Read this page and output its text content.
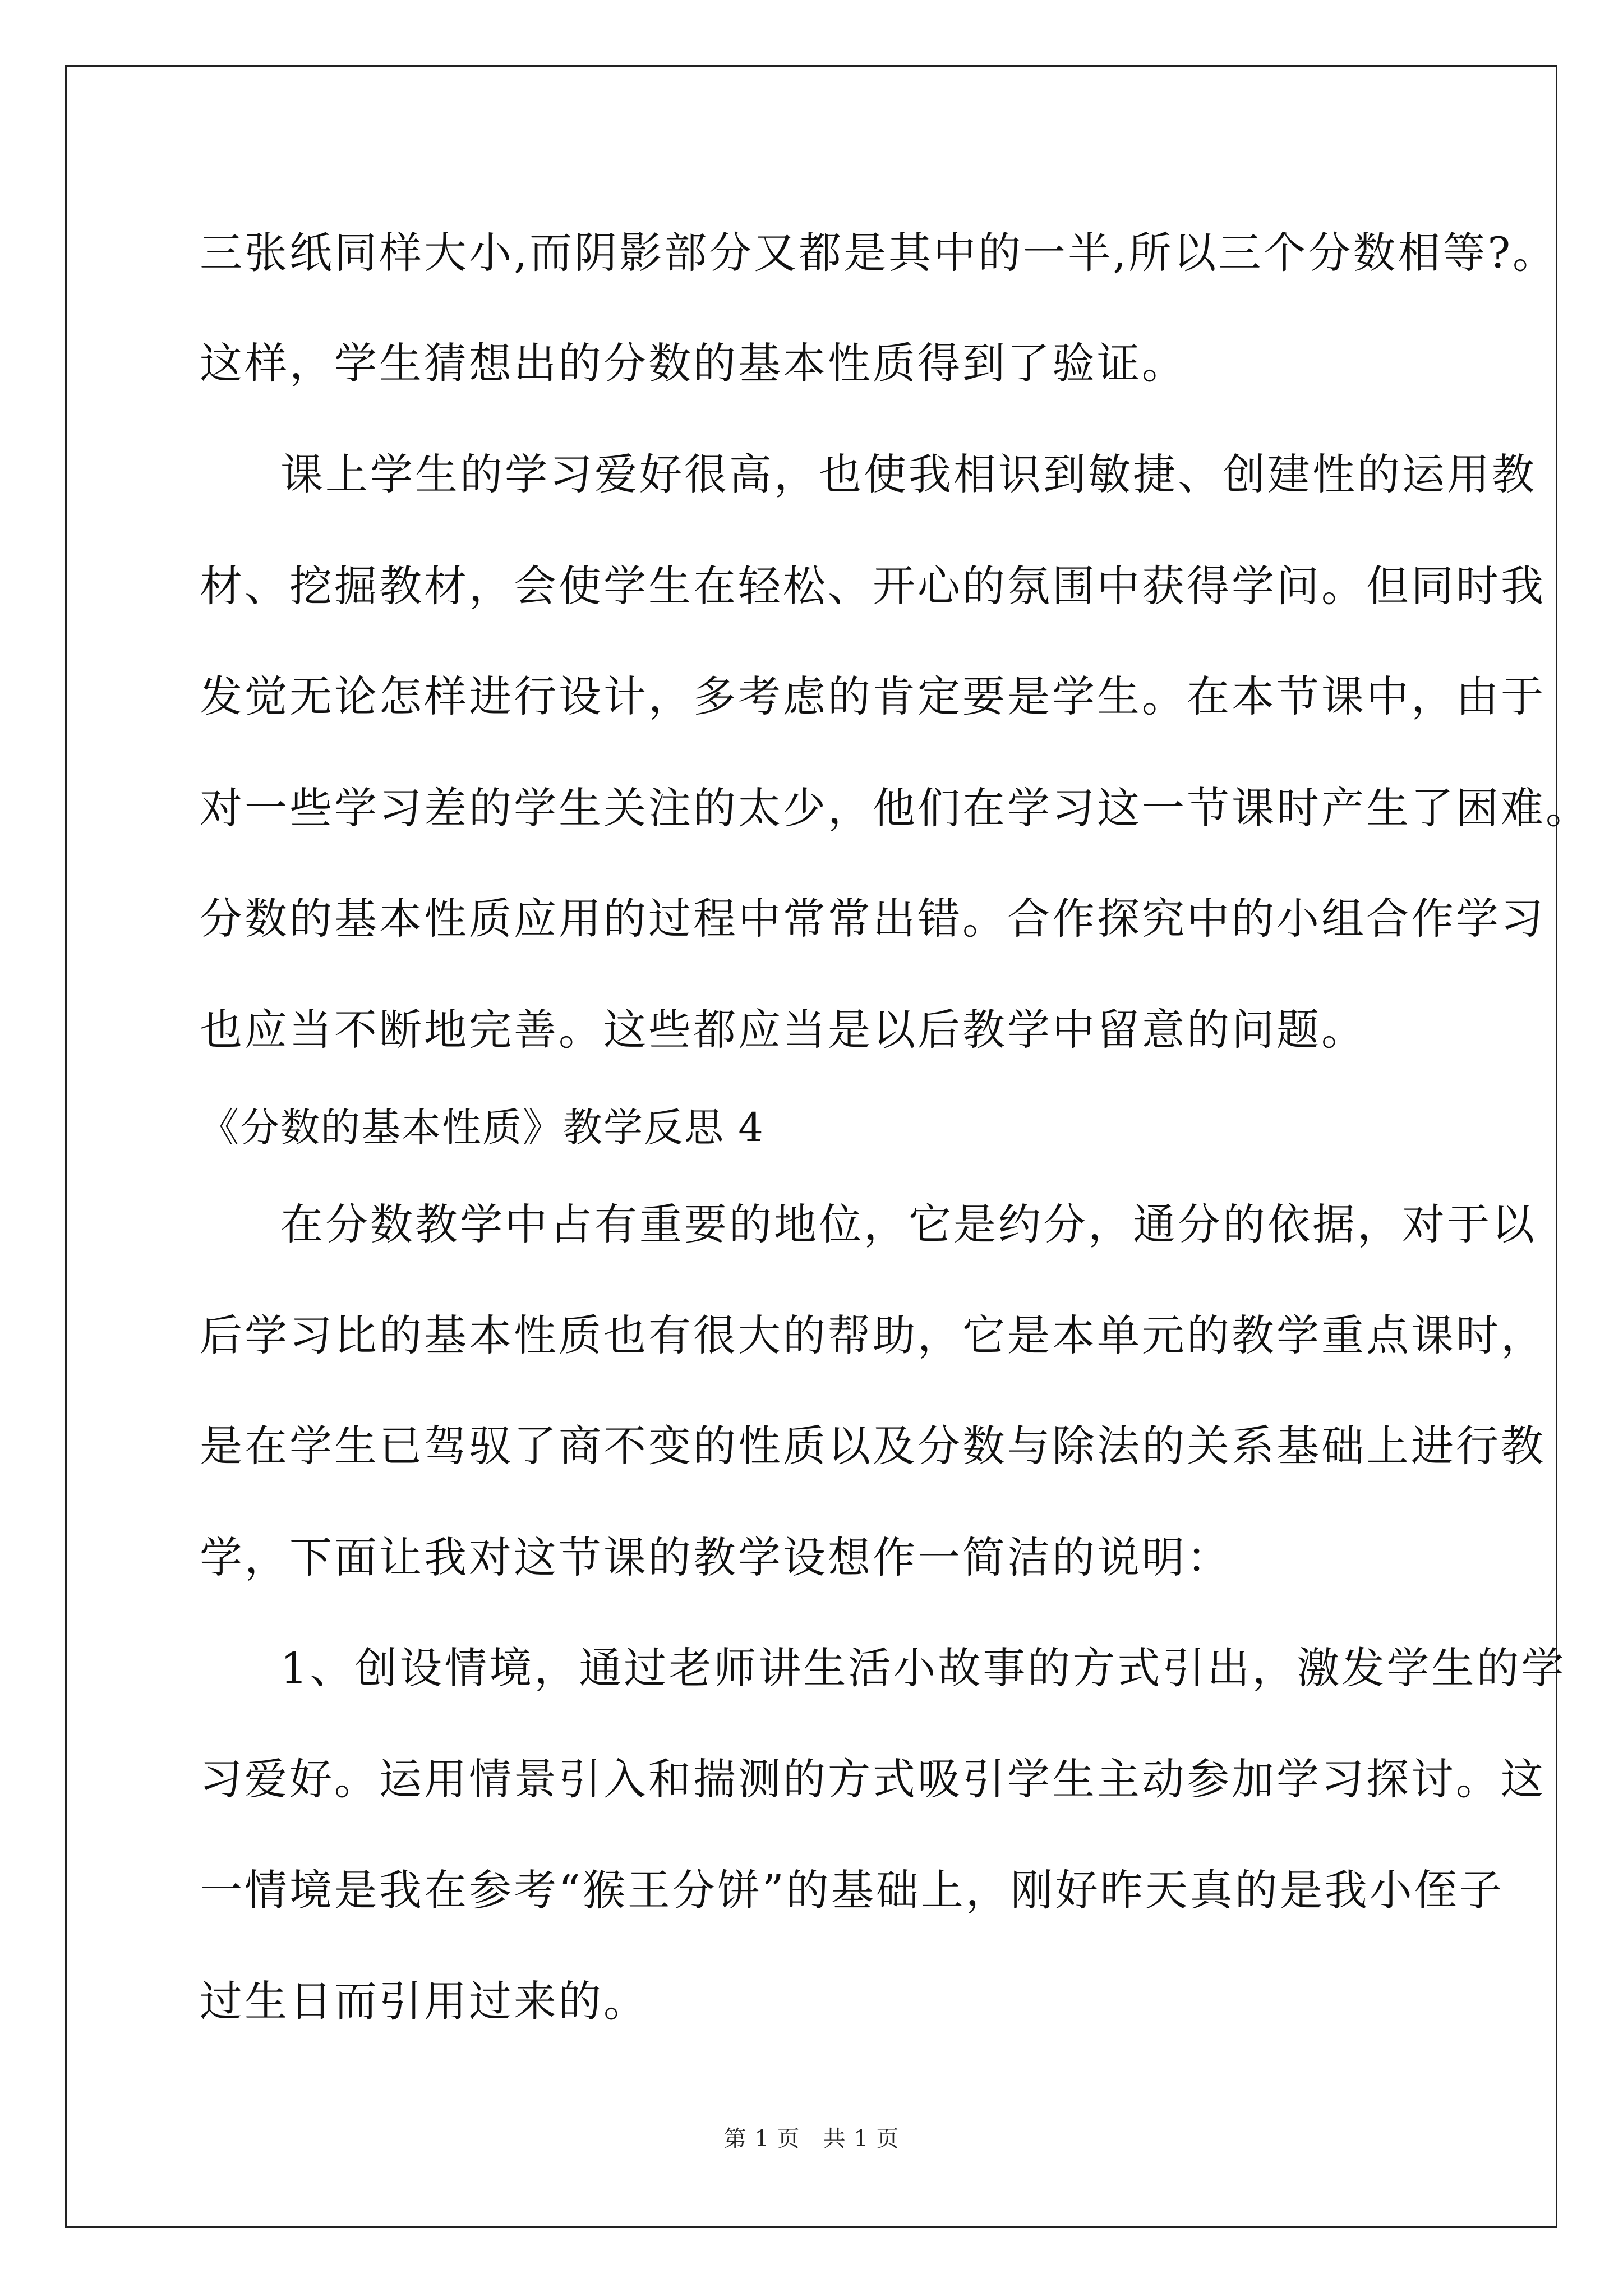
三张纸同样大小,而阴影部分又都是其中的一半,所以三个分数相等?。
这样，学生猜想出的分数的基本性质得到了验证。
课上学生的学习爱好很高，也使我相识到敏捷、创建性的运用教
材、挖掘教材，会使学生在轻松、开心的氛围中获得学问。但同时我
发觉无论怎样进行设计，多考虑的肯定要是学生。在本节课中，由于
对一些学习差的学生关注的太少，他们在学习这一节课时产生了困难。
分数的基本性质应用的过程中常常出错。合作探究中的小组合作学习
也应当不断地完善。这些都应当是以后教学中留意的问题。
《分数的基本性质》教学反思 4
在分数教学中占有重要的地位，它是约分，通分的依据，对于以
后学习比的基本性质也有很大的帮助，它是本单元的教学重点课时，
是在学生已驾驭了商不变的性质以及分数与除法的关系基础上进行教
学，下面让我对这节课的教学设想作一简洁的说明：
1、创设情境，通过老师讲生活小故事的方式引出，激发学生的学
习爱好。运用情景引入和揣测的方式吸引学生主动参加学习探讨。这
一情境是我在参考“猴王分饼”的基础上，刚好昨天真的是我小侄子
过生日而引用过来的。
第 1 页　共 1 页
